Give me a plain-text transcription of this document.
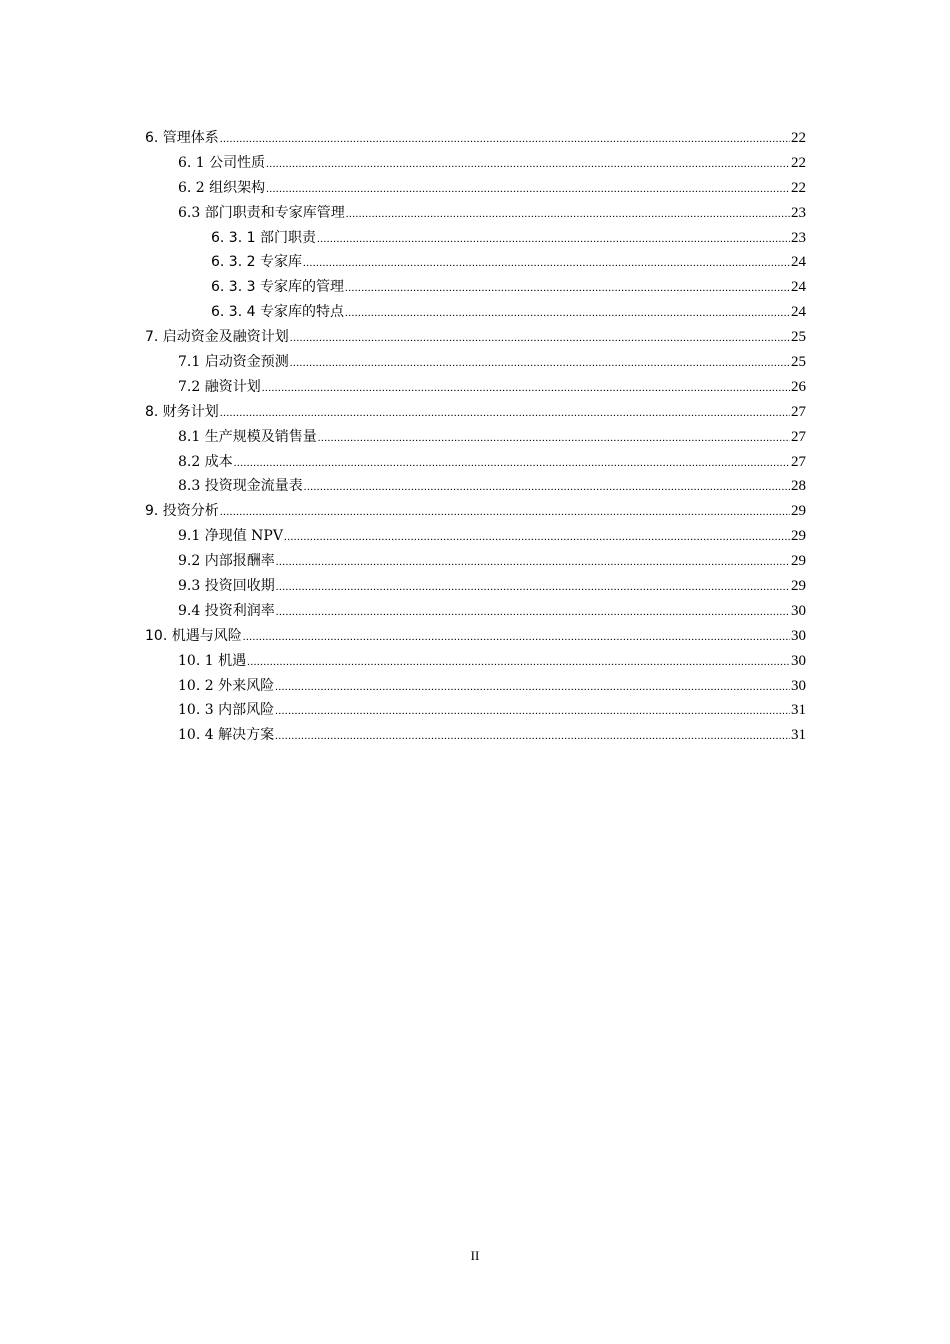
6. 管理体系 .....	22
6. 1 公司性质 .....	22
6. 2 组织架构 .....	22
6.3 部门职责和专家库管理 .....	23
6. 3. 1 部门职责 .....	23
6. 3. 2 专家库 .....	24
6. 3. 3 专家库的管理 .....	24
6. 3. 4 专家库的特点 .....	24
7. 启动资金及融资计划 .....	25
7.1 启动资金预测 .....	25
7.2 融资计划 .....	26
8. 财务计划 .....	27
8.1 生产规模及销售量 .....	27
8.2 成本 .....	27
8.3 投资现金流量表 .....	28
9. 投资分析 .....	29
9.1 净现值 NPV .....	29
9.2 内部报酬率 .....	29
9.3 投资回收期 .....	29
9.4 投资利润率 .....	30
10. 机遇与风险 .....	30
10. 1 机遇 .....	30
10. 2 外来风险 .....	30
10. 3 内部风险 .....	31
10. 4 解决方案 .....	31
II
